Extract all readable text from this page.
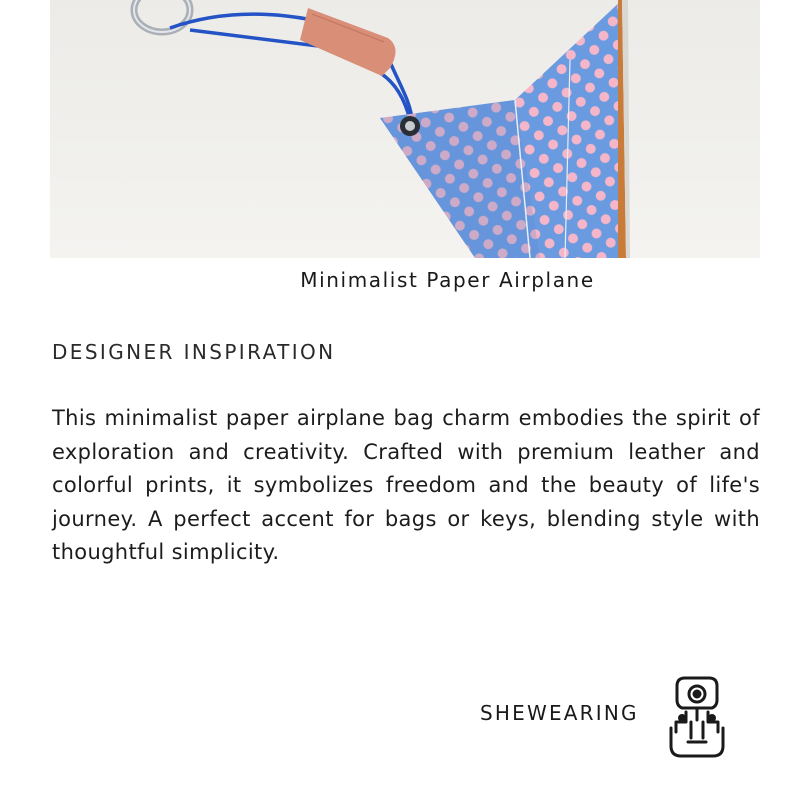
Minimalist Paper Airplane
DESIGNER INSPIRATION

This minimalist paper airplane bag charm embodies the spirit of exploration and creativity. Crafted with premium leather and colorful prints, it symbolizes freedom and the beauty of life's journey. A perfect accent for bags or keys, blending style with thoughtful simplicity.

SHEWEARING
